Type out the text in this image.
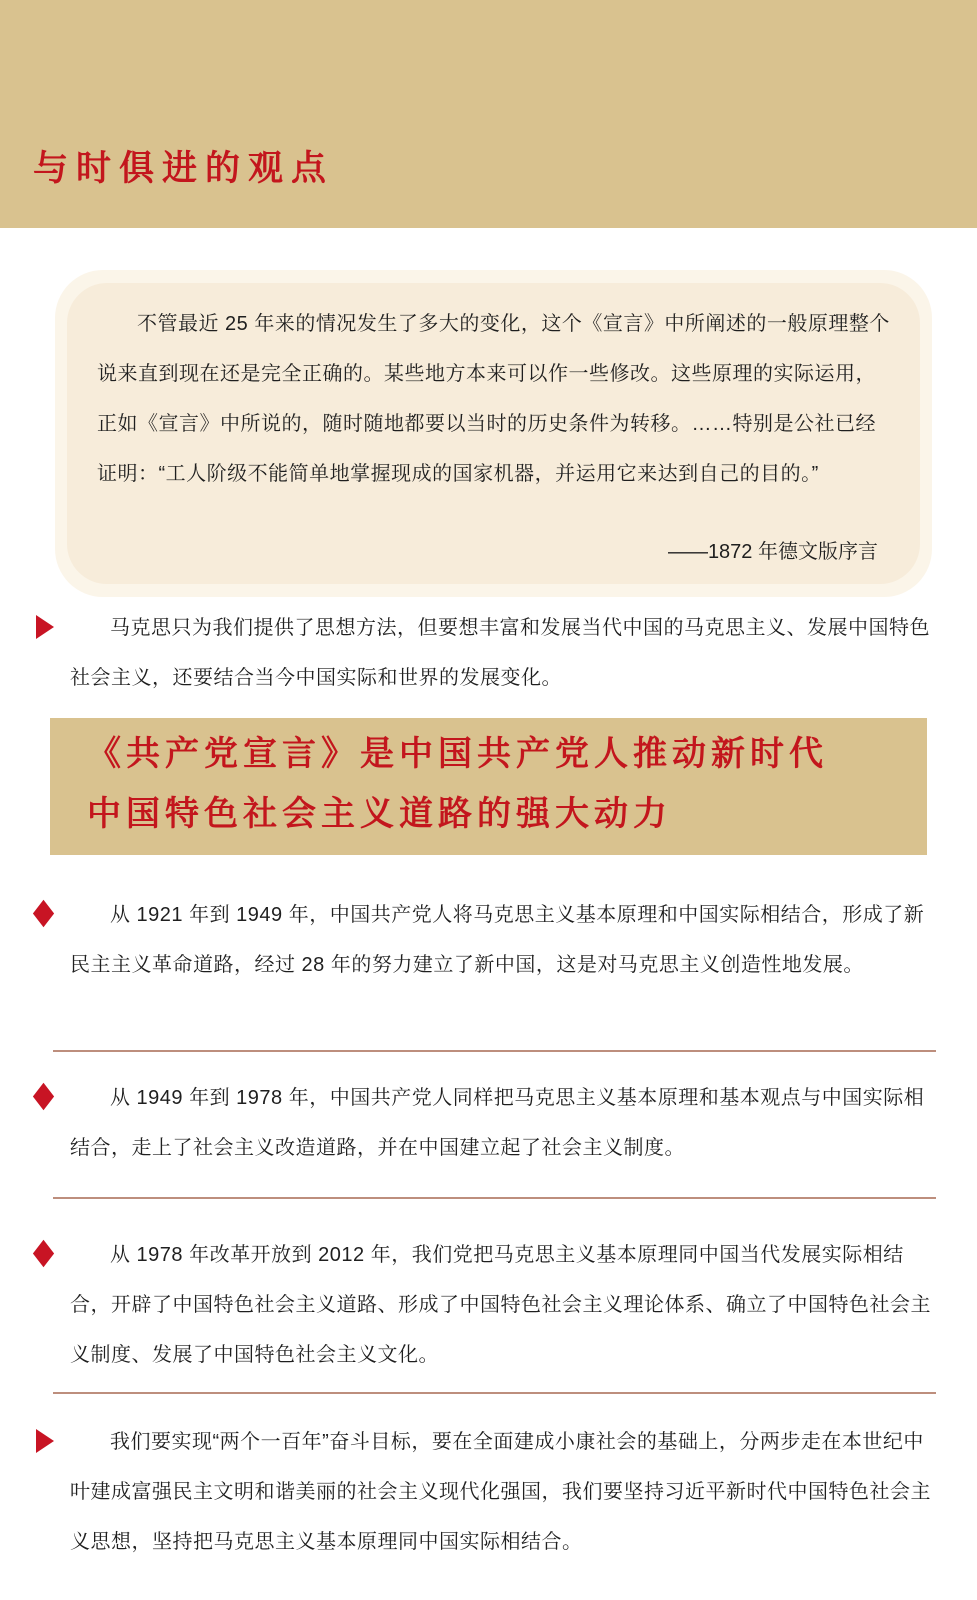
与时俱进的观点
不管最近 25 年来的情况发生了多大的变化，这个《宣言》中所阐述的一般原理整个说来直到现在还是完全正确的。某些地方本来可以作一些修改。这些原理的实际运用，正如《宣言》中所说的，随时随地都要以当时的历史条件为转移。……特别是公社已经证明：“工人阶级不能简单地掌握现成的国家机器，并运用它来达到自己的目的。”
——1872 年德文版序言
马克思只为我们提供了思想方法，但要想丰富和发展当代中国的马克思主义、发展中国特色社会主义，还要结合当今中国实际和世界的发展变化。
《共产党宣言》是中国共产党人推动新时代
中国特色社会主义道路的强大动力
从 1921 年到 1949 年，中国共产党人将马克思主义基本原理和中国实际相结合，形成了新民主主义革命道路，经过 28 年的努力建立了新中国，这是对马克思主义创造性地发展。
从 1949 年到 1978 年，中国共产党人同样把马克思主义基本原理和基本观点与中国实际相结合，走上了社会主义改造道路，并在中国建立起了社会主义制度。
从 1978 年改革开放到 2012 年，我们党把马克思主义基本原理同中国当代发展实际相结合，开辟了中国特色社会主义道路、形成了中国特色社会主义理论体系、确立了中国特色社会主义制度、发展了中国特色社会主义文化。
我们要实现“两个一百年”奋斗目标，要在全面建成小康社会的基础上，分两步走在本世纪中叶建成富强民主文明和谐美丽的社会主义现代化强国，我们要坚持习近平新时代中国特色社会主义思想，坚持把马克思主义基本原理同中国实际相结合。
